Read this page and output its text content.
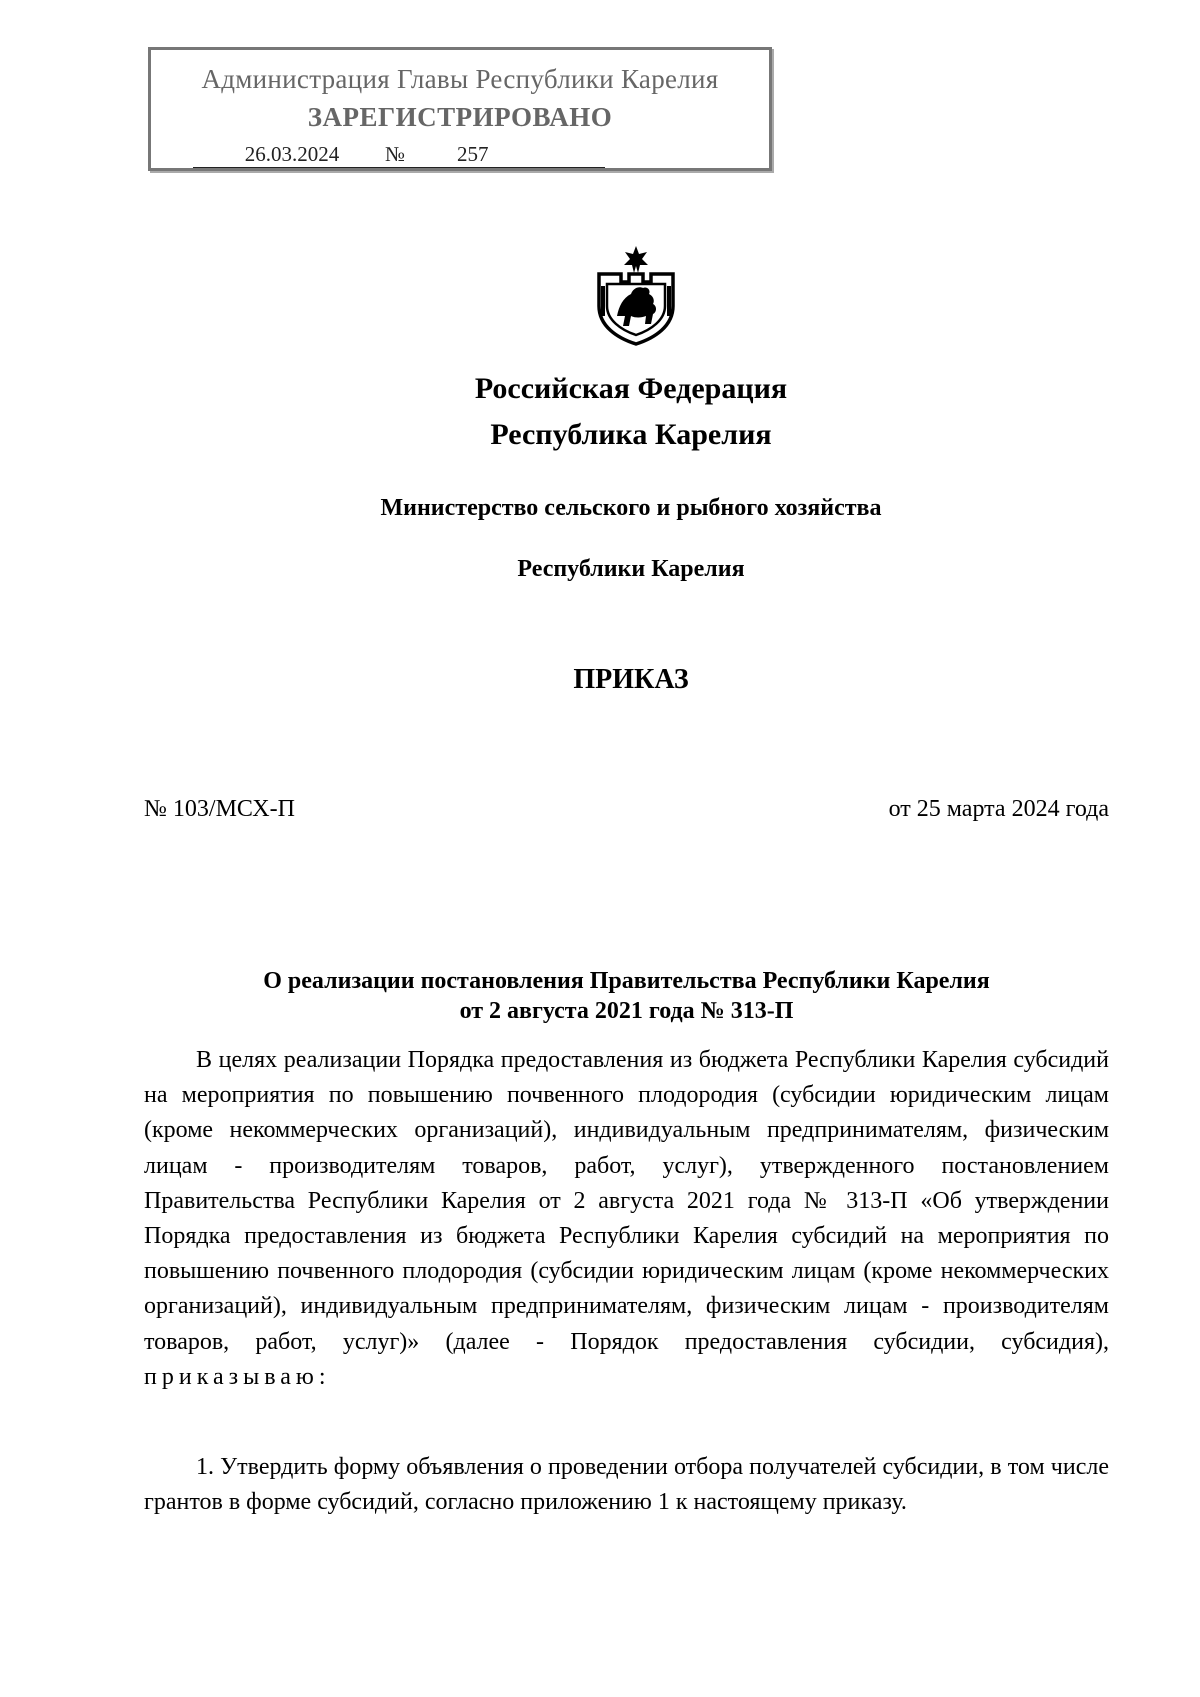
Администрация Главы Республики Карелия
ЗАРЕГИСТРИРОВАНО
26.03.2024	№	257
Российская Федерация
Республика Карелия
Министерство сельского и рыбного хозяйства
Республики Карелия
ПРИКАЗ
№ 103/МСХ-П	от 25 марта 2024 года
О реализации постановления Правительства Республики Карелия
от 2 августа 2021 года № 313-П
В целях реализации Порядка предоставления из бюджета Республики Карелия субсидий на мероприятия по повышению почвенного плодородия (субсидии юридическим лицам (кроме некоммерческих организаций), индивидуальным предпринимателям, физическим лицам - производителям товаров, работ, услуг), утвержденного постановлением Правительства Республики Карелия от 2 августа 2021 года № 313-П «Об утверждении Порядка предоставления из бюджета Республики Карелия субсидий на мероприятия по повышению почвенного плодородия (субсидии юридическим лицам (кроме некоммерческих организаций), индивидуальным предпринимателям, физическим лицам - производителям товаров, работ, услуг)» (далее - Порядок предоставления субсидии, субсидия), приказываю:
1. Утвердить форму объявления о проведении отбора получателей субсидии, в том числе грантов в форме субсидий, согласно приложению 1 к настоящему приказу.
